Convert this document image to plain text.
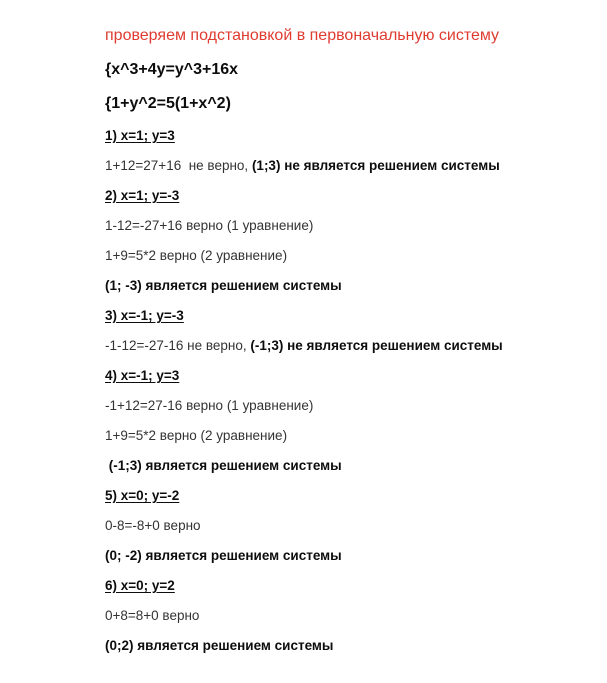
проверяем подстановкой в первоначальную систему

{x^3+4y=y^3+16x

{1+y^2=5(1+x^2)

1) x=1; y=3

1+12=27+16  не верно, (1;3) не является решением системы

2) x=1; y=-3

1-12=-27+16 верно (1 уравнение)

1+9=5*2 верно (2 уравнение)

(1; -3) является решением системы

3) x=-1; y=-3

-1-12=-27-16 не верно, (-1;3) не является решением системы

4) x=-1; y=3

-1+12=27-16 верно (1 уравнение)

1+9=5*2 верно (2 уравнение)

(-1;3) является решением системы

5) x=0; y=-2

0-8=-8+0 верно

(0; -2) является решением системы

6) x=0; y=2

0+8=8+0 верно

(0;2) является решением системы
